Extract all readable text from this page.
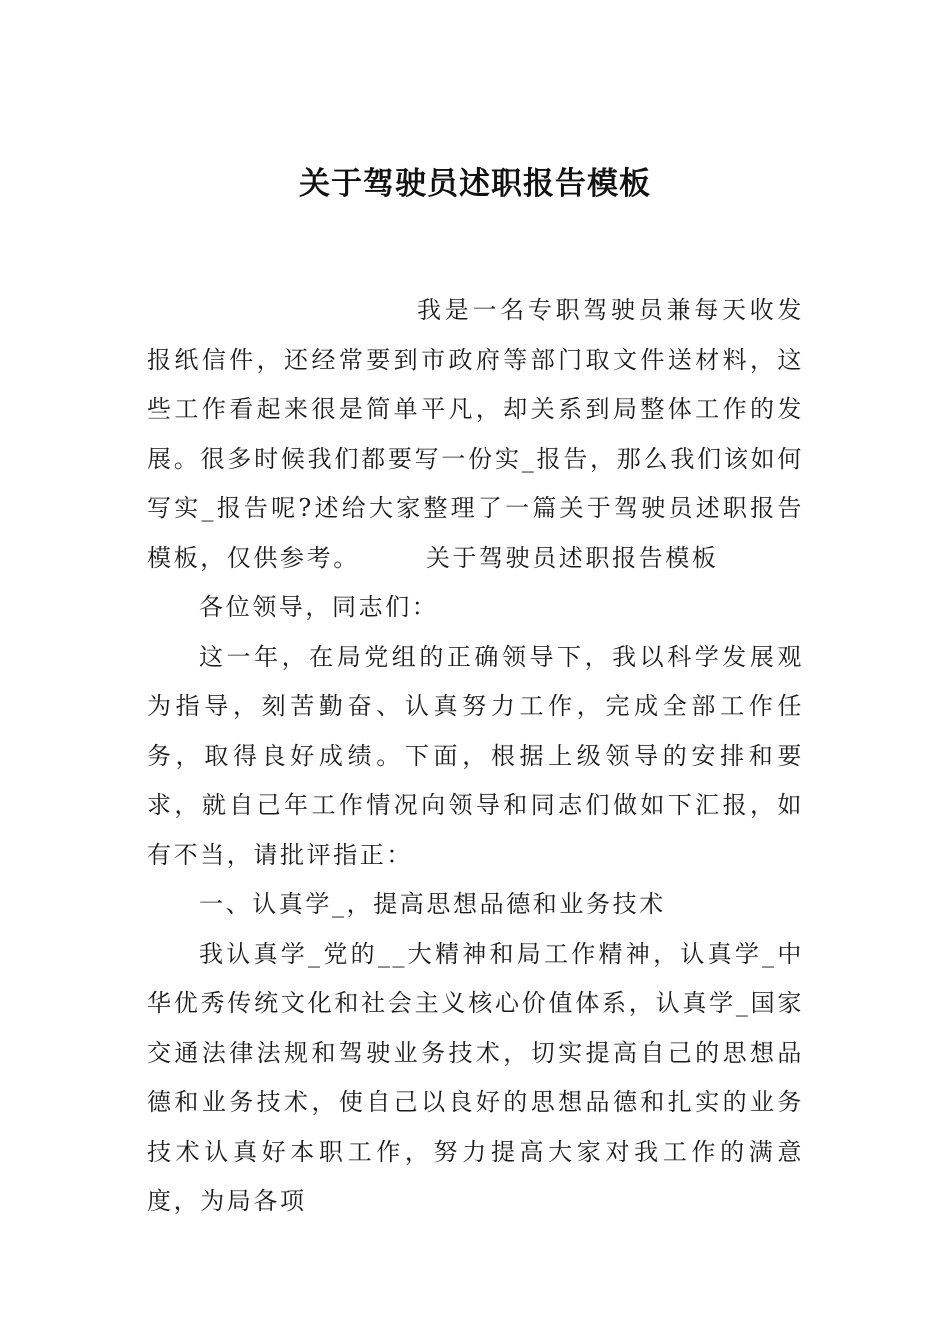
关于驾驶员述职报告模板

我是一名专职驾驶员兼每天收发报纸信件，还经常要到市政府等部门取文件送材料，这些工作看起来很是简单平凡，却关系到局整体工作的发展。很多时候我们都要写一份实_报告，那么我们该如何写实_报告呢?述给大家整理了一篇关于驾驶员述职报告模板，仅供参考。	关于驾驶员述职报告模板

各位领导，同志们：

这一年，在局党组的正确领导下，我以科学发展观为指导，刻苦勤奋、认真努力工作，完成全部工作任务，取得良好成绩。下面，根据上级领导的安排和要求，就自己年工作情况向领导和同志们做如下汇报，如有不当，请批评指正：

一、认真学_，提高思想品德和业务技术

我认真学_党的__大精神和局工作精神，认真学_中华优秀传统文化和社会主义核心价值体系，认真学_国家交通法律法规和驾驶业务技术，切实提高自己的思想品德和业务技术，使自己以良好的思想品德和扎实的业务技术认真好本职工作，努力提高大家对我工作的满意度，为局各项
